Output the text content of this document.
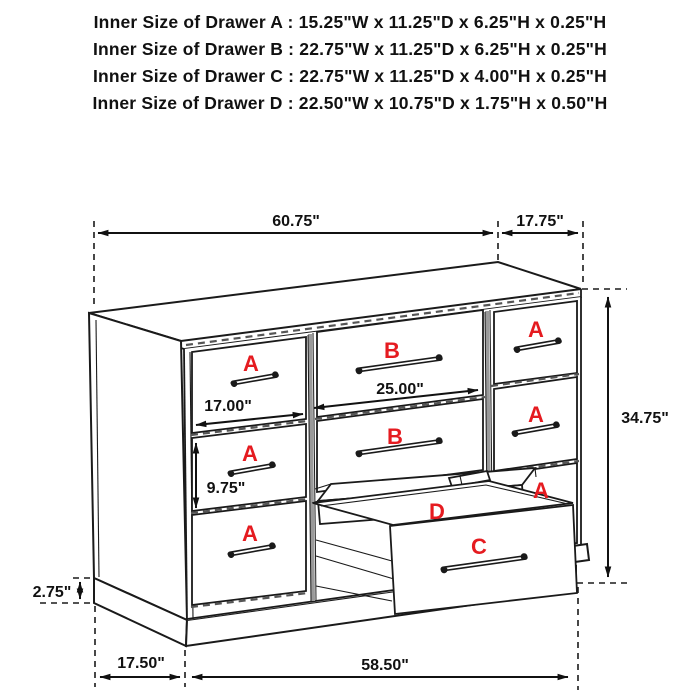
Inner Size of Drawer A : 15.25"W x 11.25"D x 6.25"H x 0.25"H
Inner Size of Drawer B : 22.75"W x 11.25"D x 6.25"H x 0.25"H
Inner Size of Drawer C : 22.75"W x 11.25"D x 4.00"H x 0.25"H
Inner Size of Drawer D : 22.50"W x 10.75"D x 1.75"H x 0.50"H
A
A
A
B
B
A
A
A
D
C
60.75"	17.75"
34.75"
2.75"
17.50"	58.50"
17.00"
25.00"
9.75"
